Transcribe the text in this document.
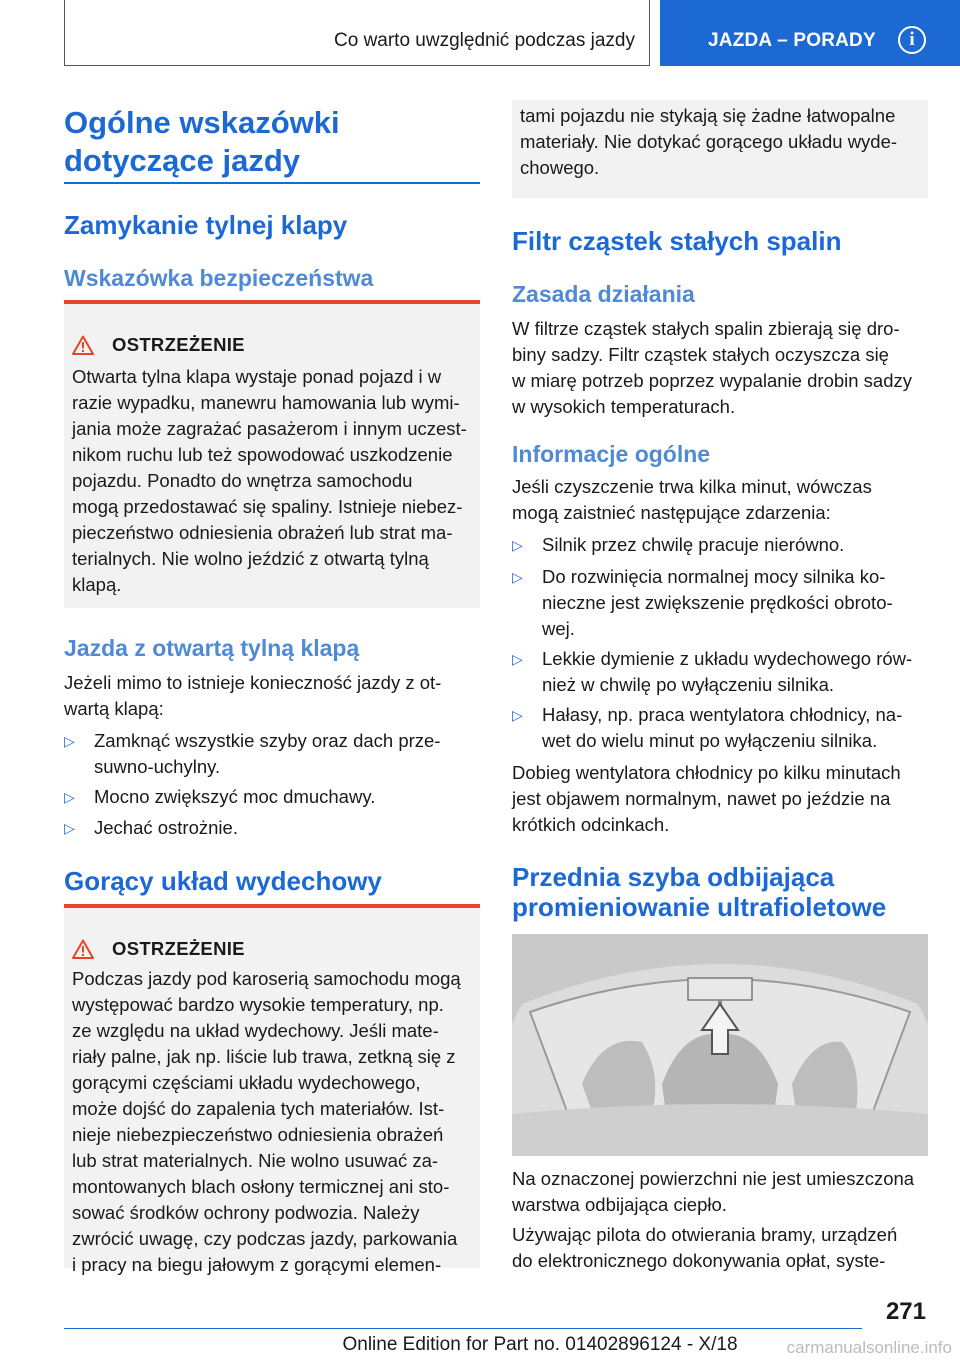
Co warto uwzględnić podczas jazdy	JAZDA – PORADY	i
Ogólne wskazówki
dotyczące jazdy
Zamykanie tylnej klapy
Wskazówka bezpieczeństwa
OSTRZEŻENIE
Otwarta tylna klapa wystaje ponad pojazd i w
razie wypadku, manewru hamowania lub wymi-
jania może zagrażać pasażerom i innym uczest-
nikom ruchu lub też spowodować uszkodzenie
pojazdu. Ponadto do wnętrza samochodu
mogą przedostawać się spaliny. Istnieje niebez-
pieczeństwo odniesienia obrażeń lub strat ma-
terialnych. Nie wolno jeździć z otwartą tylną
klapą.
Jazda z otwartą tylną klapą
Jeżeli mimo to istnieje konieczność jazdy z ot-
wartą klapą:
▷ Zamknąć wszystkie szyby oraz dach prze-
suwno-uchylny.
▷ Mocno zwiększyć moc dmuchawy.
▷ Jechać ostrożnie.
Gorący układ wydechowy
OSTRZEŻENIE
Podczas jazdy pod karoserią samochodu mogą
występować bardzo wysokie temperatury, np.
ze względu na układ wydechowy. Jeśli mate-
riały palne, jak np. liście lub trawa, zetkną się z
gorącymi częściami układu wydechowego,
może dojść do zapalenia tych materiałów. Ist-
nieje niebezpieczeństwo odniesienia obrażeń
lub strat materialnych. Nie wolno usuwać za-
montowanych blach osłony termicznej ani sto-
sować środków ochrony podwozia. Należy
zwrócić uwagę, czy podczas jazdy, parkowania
i pracy na biegu jałowym z gorącymi elemen-
tami pojazdu nie stykają się żadne łatwopalne
materiały. Nie dotykać gorącego układu wyde-
chowego.
Filtr cząstek stałych spalin
Zasada działania
W filtrze cząstek stałych spalin zbierają się dro-
biny sadzy. Filtr cząstek stałych oczyszcza się
w miarę potrzeb poprzez wypalanie drobin sadzy
w wysokich temperaturach.
Informacje ogólne
Jeśli czyszczenie trwa kilka minut, wówczas
mogą zaistnieć następujące zdarzenia:
▷ Silnik przez chwilę pracuje nierówno.
▷ Do rozwinięcia normalnej mocy silnika ko-
nieczne jest zwiększenie prędkości obroto-
wej.
▷ Lekkie dymienie z układu wydechowego rów-
nież w chwilę po wyłączeniu silnika.
▷ Hałasy, np. praca wentylatora chłodnicy, na-
wet do wielu minut po wyłączeniu silnika.
Dobieg wentylatora chłodnicy po kilku minutach
jest objawem normalnym, nawet po jeździe na
krótkich odcinkach.
Przednia szyba odbijająca
promieniowanie ultrafioletowe
Na oznaczonej powierzchni nie jest umieszczona
warstwa odbijająca ciepło.
Używając pilota do otwierania bramy, urządzeń
do elektronicznego dokonywania opłat, syste-
271
Online Edition for Part no. 01402896124 - X/18	carmanualsonline.info
